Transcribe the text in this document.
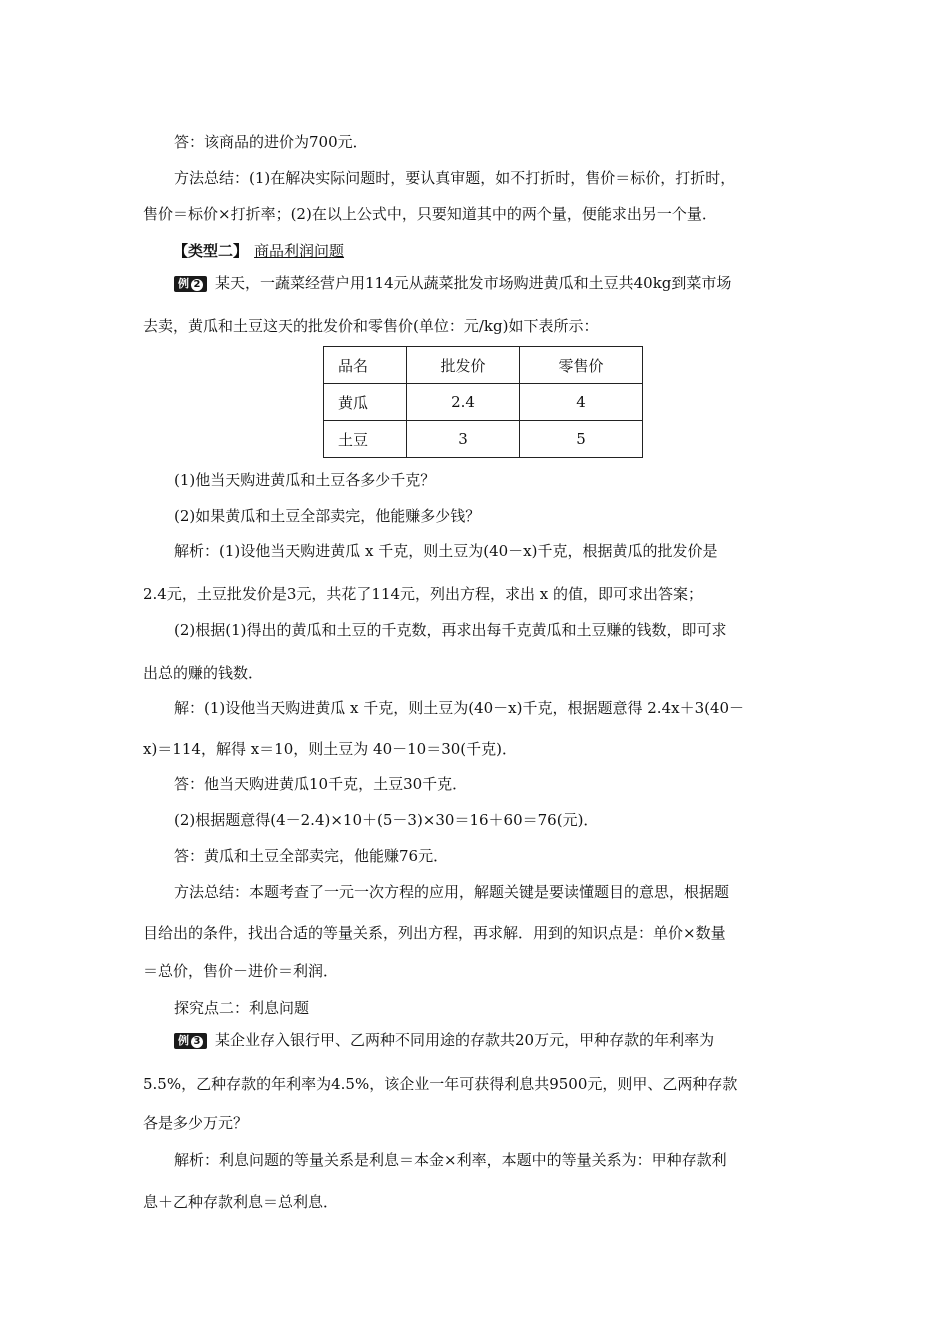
答：该商品的进价为700元．
方法总结：(1)在解决实际问题时，要认真审题，如不打折时，售价＝标价，打折时，
售价＝标价×打折率；(2)在以上公式中，只要知道其中的两个量，便能求出另一个量．
【类型二】 商品利润问题
例 2 某天，一蔬菜经营户用114元从蔬菜批发市场购进黄瓜和土豆共40kg到菜市场
去卖，黄瓜和土豆这天的批发价和零售价(单位：元/kg)如下表所示：
品名	批发价	零售价
黄瓜	2.4	4
土豆	3	5
(1)他当天购进黄瓜和土豆各多少千克？
(2)如果黄瓜和土豆全部卖完，他能赚多少钱？
解析：(1)设他当天购进黄瓜 x 千克，则土豆为(40－x)千克，根据黄瓜的批发价是
2.4元，土豆批发价是3元，共花了114元，列出方程，求出 x 的值，即可求出答案；
(2)根据(1)得出的黄瓜和土豆的千克数，再求出每千克黄瓜和土豆赚的钱数，即可求
出总的赚的钱数．
解：(1)设他当天购进黄瓜 x 千克，则土豆为(40－x)千克，根据题意得 2.4x＋3(40－
x)＝114，解得 x＝10，则土豆为 40－10＝30(千克)．
答：他当天购进黄瓜10千克，土豆30千克．
(2)根据题意得(4－2.4)×10＋(5－3)×30＝16＋60＝76(元)．
答：黄瓜和土豆全部卖完，他能赚76元．
方法总结：本题考查了一元一次方程的应用，解题关键是要读懂题目的意思，根据题
目给出的条件，找出合适的等量关系，列出方程，再求解．用到的知识点是：单价×数量
＝总价，售价－进价＝利润．
探究点二：利息问题
例 3 某企业存入银行甲、乙两种不同用途的存款共20万元，甲种存款的年利率为
5.5%，乙种存款的年利率为4.5%，该企业一年可获得利息共9500元，则甲、乙两种存款
各是多少万元？
解析：利息问题的等量关系是利息＝本金×利率，本题中的等量关系为：甲种存款利
息＋乙种存款利息＝总利息．
